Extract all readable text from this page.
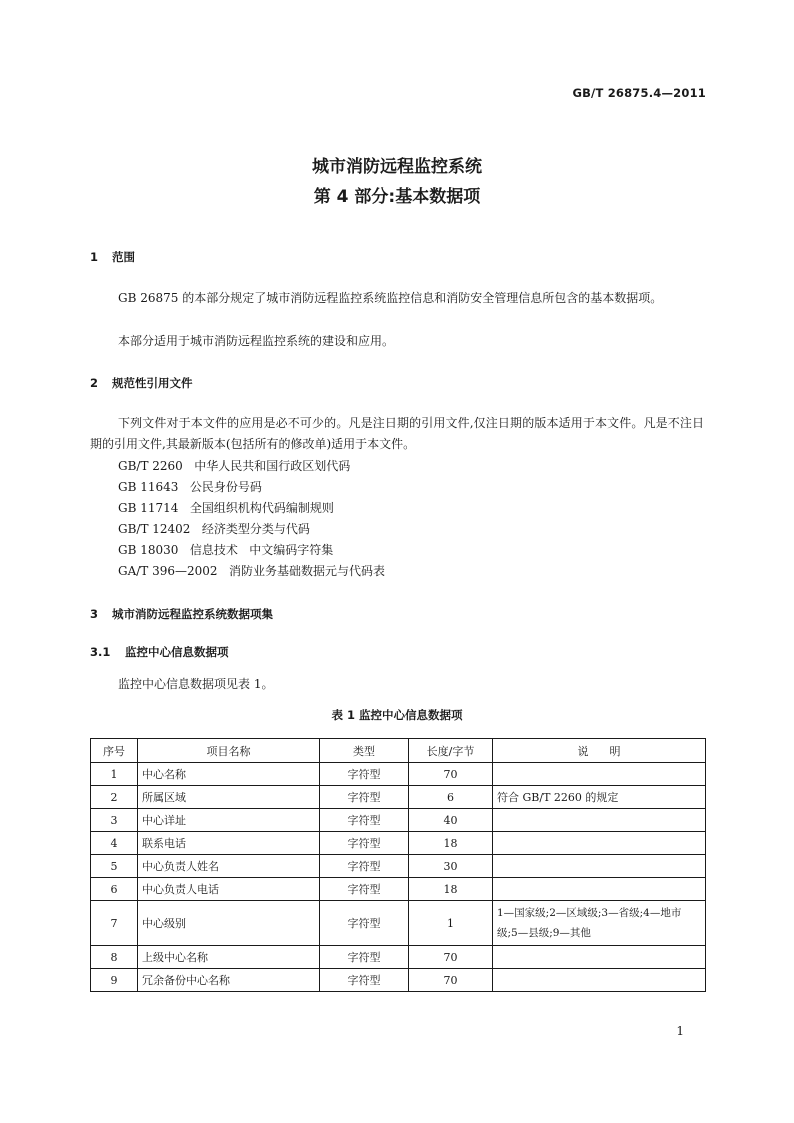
GB/T 26875.4—2011
城市消防远程监控系统
第 4 部分:基本数据项
1 范围
GB 26875 的本部分规定了城市消防远程监控系统监控信息和消防安全管理信息所包含的基本数据项。
本部分适用于城市消防远程监控系统的建设和应用。
2 规范性引用文件
下列文件对于本文件的应用是必不可少的。凡是注日期的引用文件,仅注日期的版本适用于本文件。凡是不注日期的引用文件,其最新版本(包括所有的修改单)适用于本文件。
GB/T 2260   中华人民共和国行政区划代码
GB 11643   公民身份号码
GB 11714   全国组织机构代码编制规则
GB/T 12402   经济类型分类与代码
GB 18030   信息技术   中文编码字符集
GA/T 396—2002   消防业务基础数据元与代码表
3 城市消防远程监控系统数据项集
3.1 监控中心信息数据项
监控中心信息数据项见表 1。
表 1 监控中心信息数据项
序号	项目名称	类型	长度/字节	说      明
1	中心名称	字符型	70	
2	所属区域	字符型	6	符合 GB/T 2260 的规定
3	中心详址	字符型	40	
4	联系电话	字符型	18	
5	中心负责人姓名	字符型	30	
6	中心负责人电话	字符型	18	
7	中心级别	字符型	1	1—国家级;2—区域级;3—省级;4—地市级;5—县级;9—其他
8	上级中心名称	字符型	70	
9	冗余备份中心名称	字符型	70	
1
